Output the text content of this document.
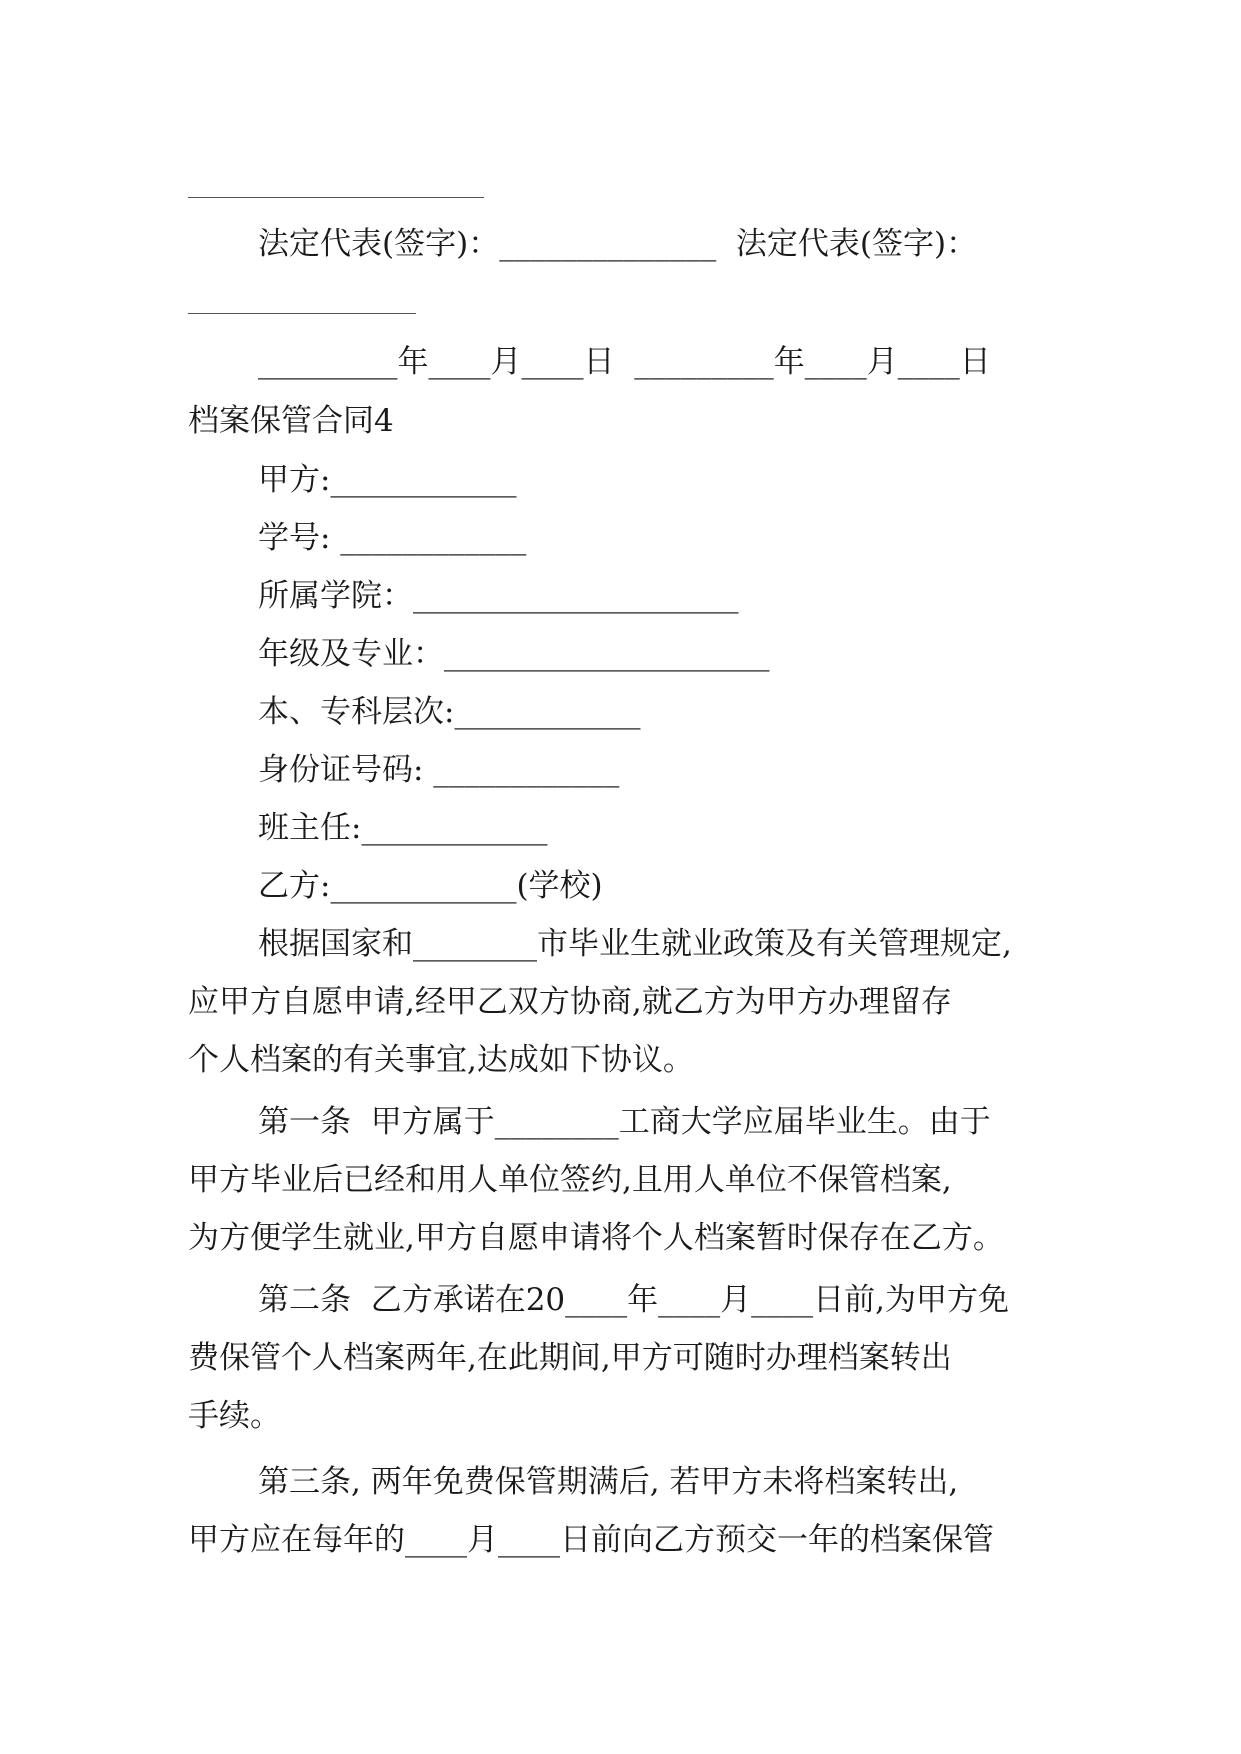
法定代表(签字)：______________  法定代表(签字)：
_________年____月____日  _________年____月____日
档案保管合同4
甲方:____________
学号: ____________
所属学院：_____________________
年级及专业：_____________________
本、专科层次:____________
身份证号码: ____________
班主任:____________
乙方:____________(学校)
根据国家和________市毕业生就业政策及有关管理规定,
应甲方自愿申请,经甲乙双方协商,就乙方为甲方办理留存
个人档案的有关事宜,达成如下协议。
第一条  甲方属于________工商大学应届毕业生。由于
甲方毕业后已经和用人单位签约,且用人单位不保管档案,
为方便学生就业,甲方自愿申请将个人档案暂时保存在乙方。
第二条  乙方承诺在20____年____月____日前,为甲方免
费保管个人档案两年,在此期间,甲方可随时办理档案转出
手续。
第三条, 两年免费保管期满后, 若甲方未将档案转出,
甲方应在每年的____月____日前向乙方预交一年的档案保管
